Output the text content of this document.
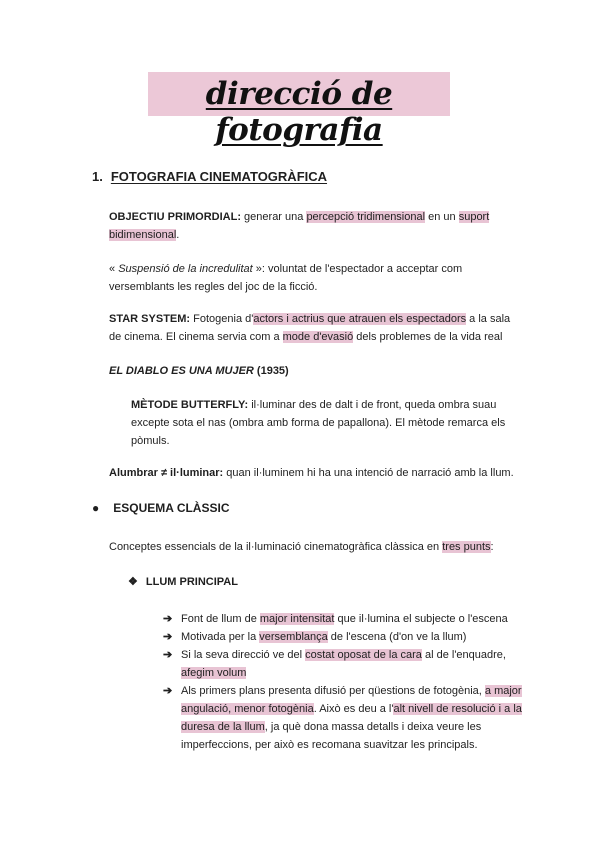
direcció de fotografia
1. FOTOGRAFIA CINEMATOGRÀFICA
OBJECTIU PRIMORDIAL: generar una percepció tridimensional en un suport bidimensional.
« Suspensió de la incredulitat »: voluntat de l'espectador a acceptar com versemblants les regles del joc de la ficció.
STAR SYSTEM: Fotogenia d'actors i actrius que atrauen els espectadors a la sala de cinema. El cinema servia com a mode d'evasió dels problemes de la vida real
EL DIABLO ES UNA MUJER (1935)
MÈTODE BUTTERFLY: il·luminar des de dalt i de front, queda ombra suau excepte sota el nas (ombra amb forma de papallona). El mètode remarca els pòmuls.
Alumbrar ≠ il·luminar: quan il·luminem hi ha una intenció de narració amb la llum.
● ESQUEMA CLÀSSIC
Conceptes essencials de la il·luminació cinematogràfica clàssica en tres punts:
❖ LLUM PRINCIPAL
➔ Font de llum de major intensitat que il·lumina el subjecte o l'escena
➔ Motivada per la versemblança de l'escena (d'on ve la llum)
➔ Si la seva direcció ve del costat oposat de la cara al de l'enquadre, afegim volum
➔ Als primers plans presenta difusió per qüestions de fotogènia, a major angulació, menor fotogènia. Això es deu a l'alt nivell de resolució i a la duresa de la llum, ja què dona massa detalls i deixa veure les imperfeccions, per això es recomana suavitzar les principals.
